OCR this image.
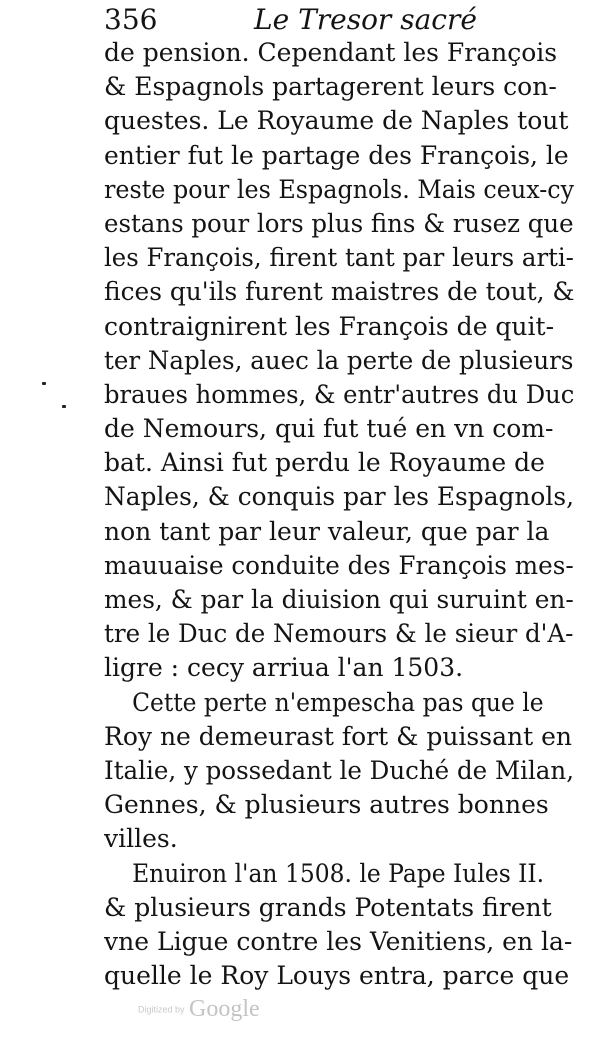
356	Le Tresor sacré
de pension. Cependant les François
& Espagnols partagerent leurs con-
questes. Le Royaume de Naples tout
entier fut le partage des François, le
reste pour les Espagnols. Mais ceux-cy
estans pour lors plus fins & rusez que
les François, firent tant par leurs arti-
fices qu'ils furent maistres de tout, &
contraignirent les François de quit-
ter Naples, auec la perte de plusieurs
braues hommes, & entr'autres du Duc
de Nemours, qui fut tué en vn com-
bat. Ainsi fut perdu le Royaume de
Naples, & conquis par les Espagnols,
non tant par leur valeur, que par la
mauuaise conduite des François mes-
mes, & par la diuision qui suruint en-
tre le Duc de Nemours & le sieur d'A-
ligre : cecy arriua l'an 1503.
Cette perte n'empescha pas que le
Roy ne demeurast fort & puissant en
Italie, y possedant le Duché de Milan,
Gennes, & plusieurs autres bonnes
villes.
Enuiron l'an 1508. le Pape Iules II.
& plusieurs grands Potentats firent
vne Ligue contre les Venitiens, en la-
quelle le Roy Louys entra, parce que
Digitized by Google
